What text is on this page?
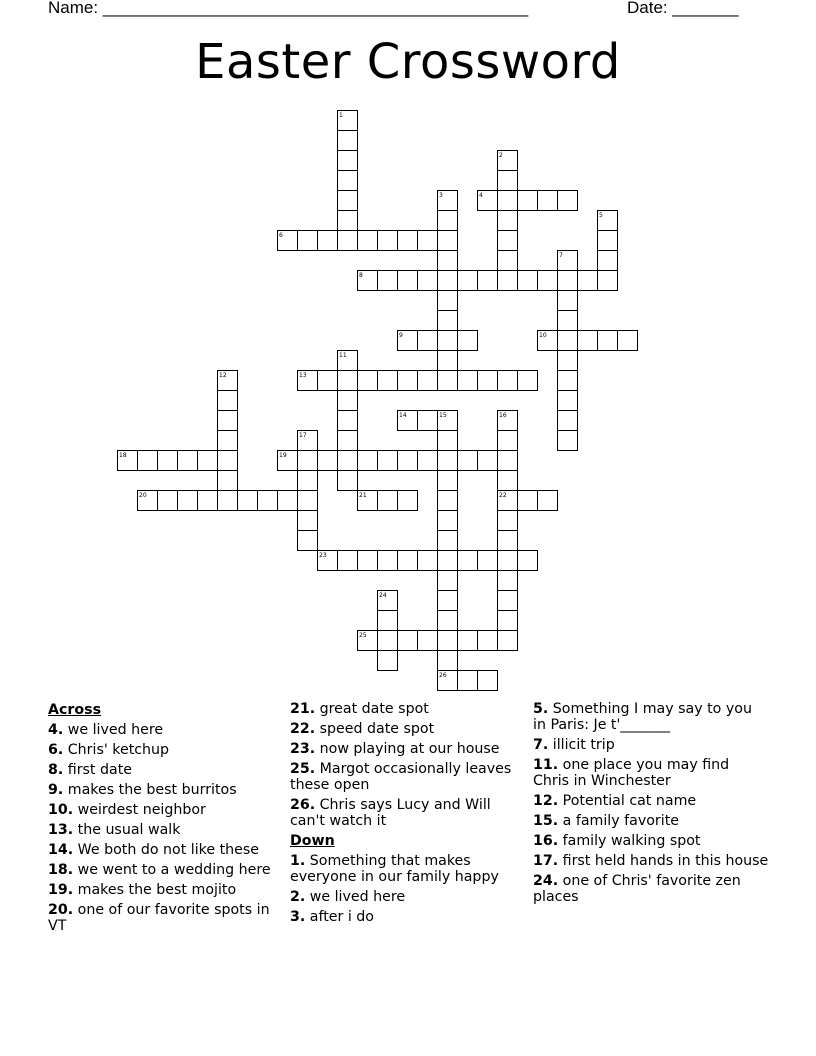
Name: _____________________________________________	Date: _______
Easter Crossword
1
2
3	4
5
6
7
8
9	10
11
12	13
14	15	16
17
18	19
20	21	22
23
24
25
26
Across
4. we lived here
6. Chris' ketchup
8. first date
9. makes the best burritos
10. weirdest neighbor
13. the usual walk
14. We both do not like these
18. we went to a wedding here
19. makes the best mojito
20. one of our favorite spots in VT
21. great date spot
22. speed date spot
23. now playing at our house
25. Margot occasionally leaves these open
26. Chris says Lucy and Will can't watch it
Down
1. Something that makes everyone in our family happy
2. we lived here
3. after i do
5. Something I may say to you in Paris: Je t'_______
7. illicit trip
11. one place you may find Chris in Winchester
12. Potential cat name
15. a family favorite
16. family walking spot
17. first held hands in this house
24. one of Chris' favorite zen places
